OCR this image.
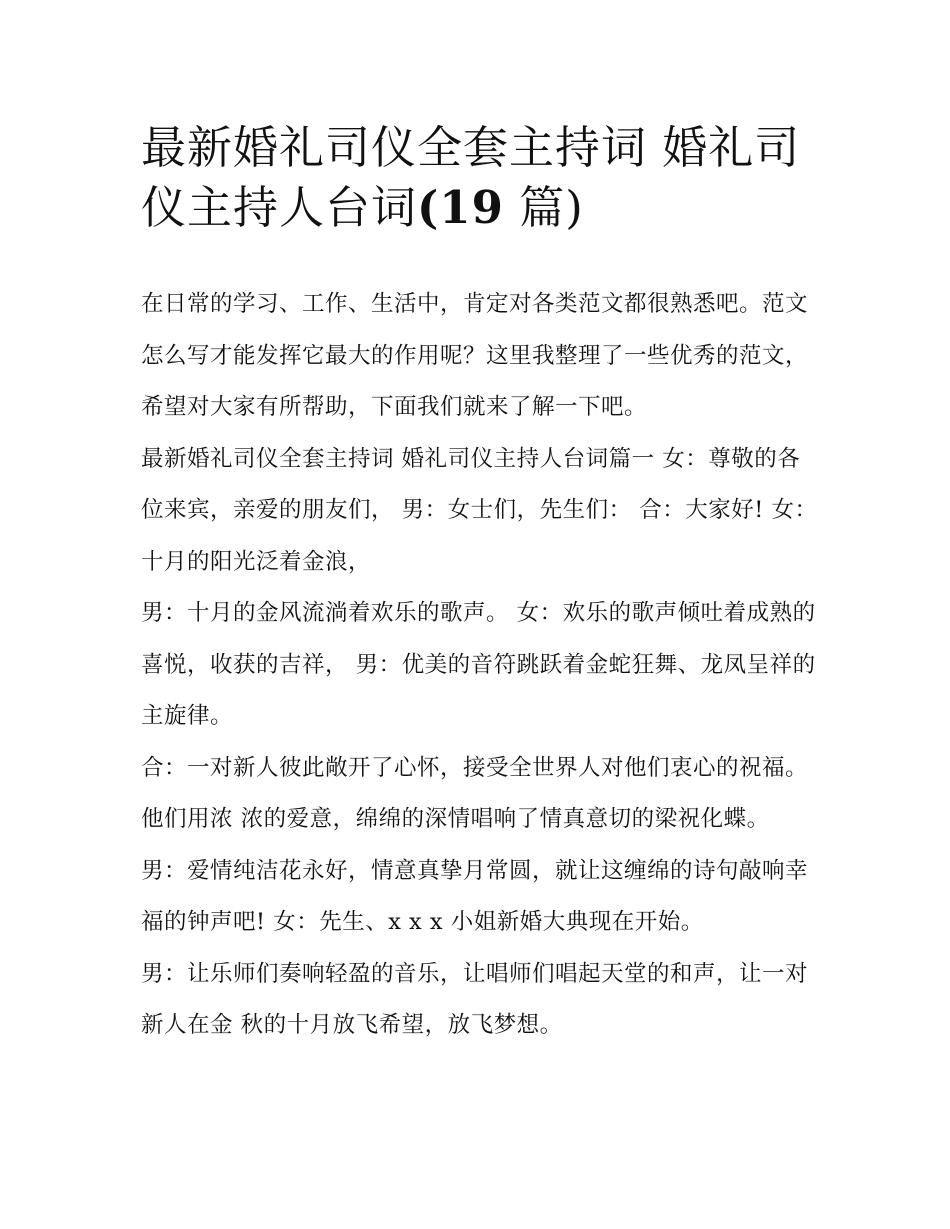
最新婚礼司仪全套主持词 婚礼司仪主持人台词(19 篇)

在日常的学习、工作、生活中，肯定对各类范文都很熟悉吧。范文怎么写才能发挥它最大的作用呢？这里我整理了一些优秀的范文，希望对大家有所帮助，下面我们就来了解一下吧。

最新婚礼司仪全套主持词 婚礼司仪主持人台词篇一 女：尊敬的各位来宾，亲爱的朋友们， 男：女士们，先生们： 合：大家好! 女：十月的阳光泛着金浪，

男：十月的金风流淌着欢乐的歌声。 女：欢乐的歌声倾吐着成熟的喜悦，收获的吉祥， 男：优美的音符跳跃着金蛇狂舞、龙凤呈祥的主旋律。

合：一对新人彼此敞开了心怀，接受全世界人对他们衷心的祝福。他们用浓 浓的爱意，绵绵的深情唱响了情真意切的梁祝化蝶。

男：爱情纯洁花永好，情意真挚月常圆，就让这缠绵的诗句敲响幸福的钟声吧! 女：先生、x x x 小姐新婚大典现在开始。

男：让乐师们奏响轻盈的音乐，让唱师们唱起天堂的和声，让一对新人在金 秋的十月放飞希望，放飞梦想。
